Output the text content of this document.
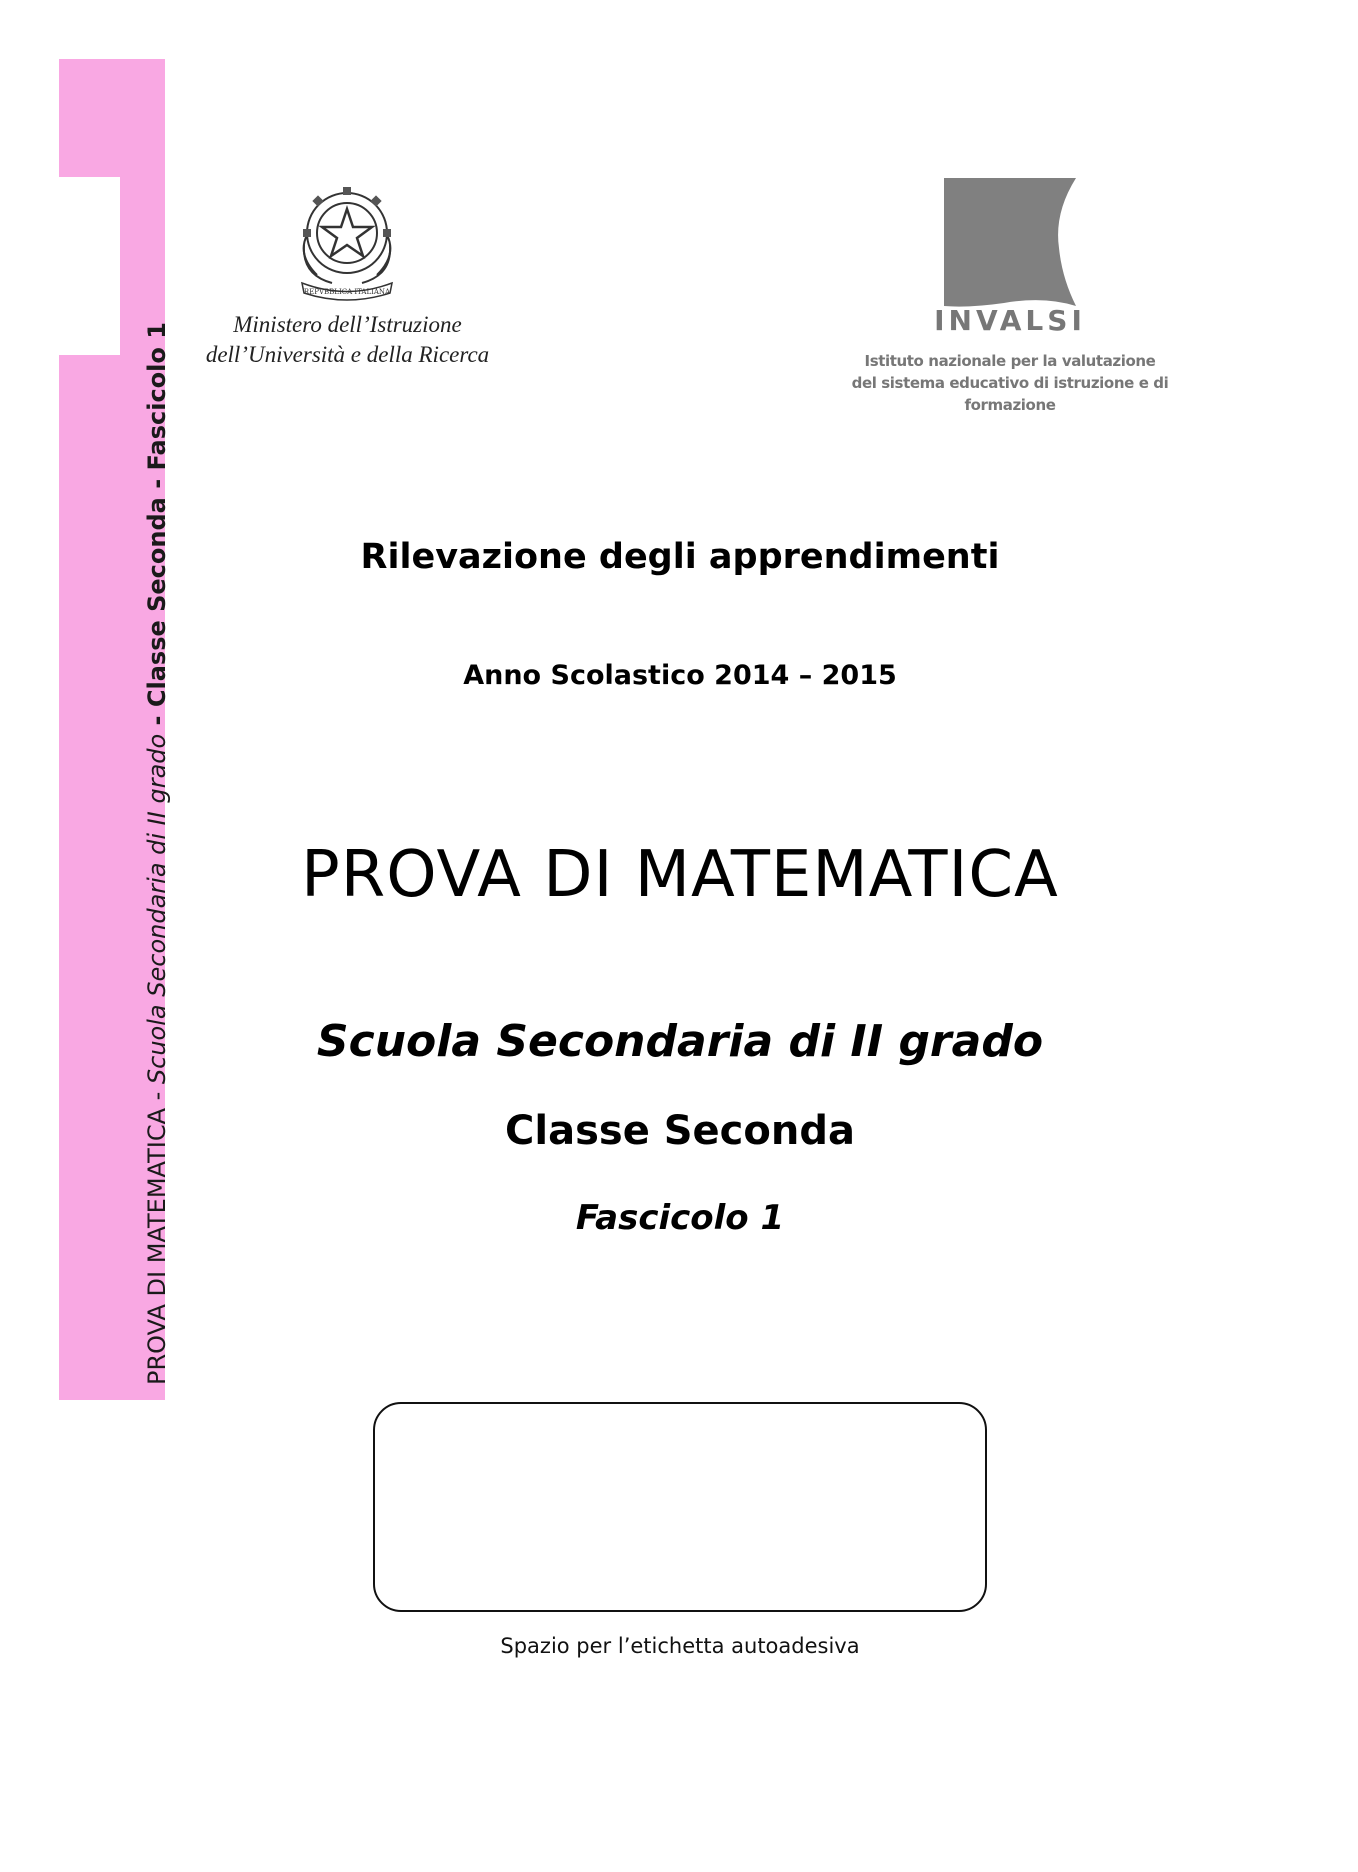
PROVA DI MATEMATICA - Scuola Secondaria di II grado - Classe Seconda - Fascicolo 1
REPVBBLICA ITALIANA
Ministero dell’Istruzione
dell’Università e della Ricerca
INVALSI
Istituto nazionale per la valutazione
del sistema educativo di istruzione e di formazione
Rilevazione degli apprendimenti
Anno Scolastico 2014 – 2015
PROVA DI MATEMATICA
Scuola Secondaria di II grado
Classe Seconda
Fascicolo 1
Spazio per l’etichetta autoadesiva
